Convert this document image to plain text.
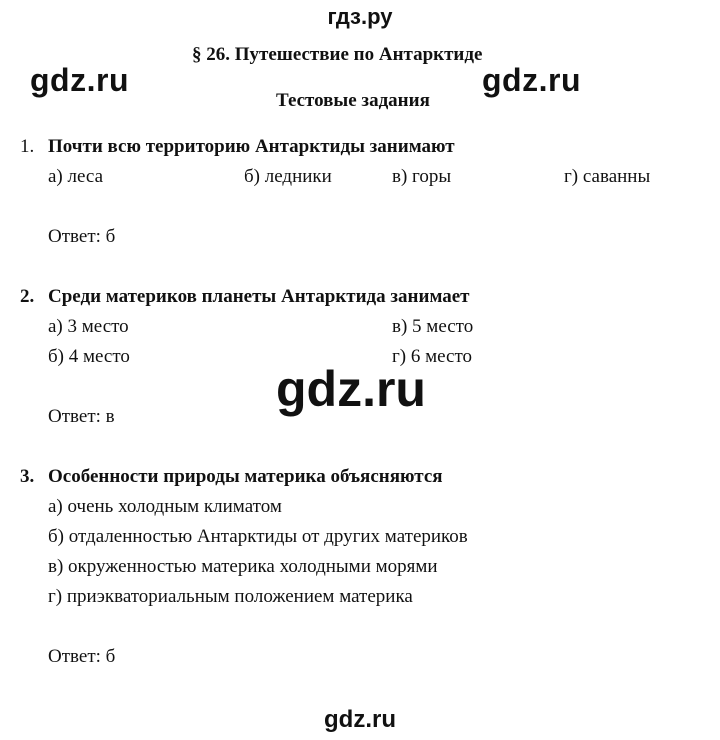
гдз.ру
gdz.ru	gdz.ru
gdz.ru
gdz.ru
§ 26. Путешествие по Антарктиде
Тестовые задания
1. Почти всю территорию Антарктиды занимают
а) леса	б) ледники	в) горы	г) саванны
Ответ: б
2. Среди материков планеты Антарктида занимает
а) 3 место	в) 5 место
б) 4 место	г) 6 место
Ответ: в
3. Особенности природы материка объясняются
а) очень холодным климатом
б) отдаленностью Антарктиды от других материков
в) окруженностью материка холодными морями
г) приэкваториальным положением материка
Ответ: б
